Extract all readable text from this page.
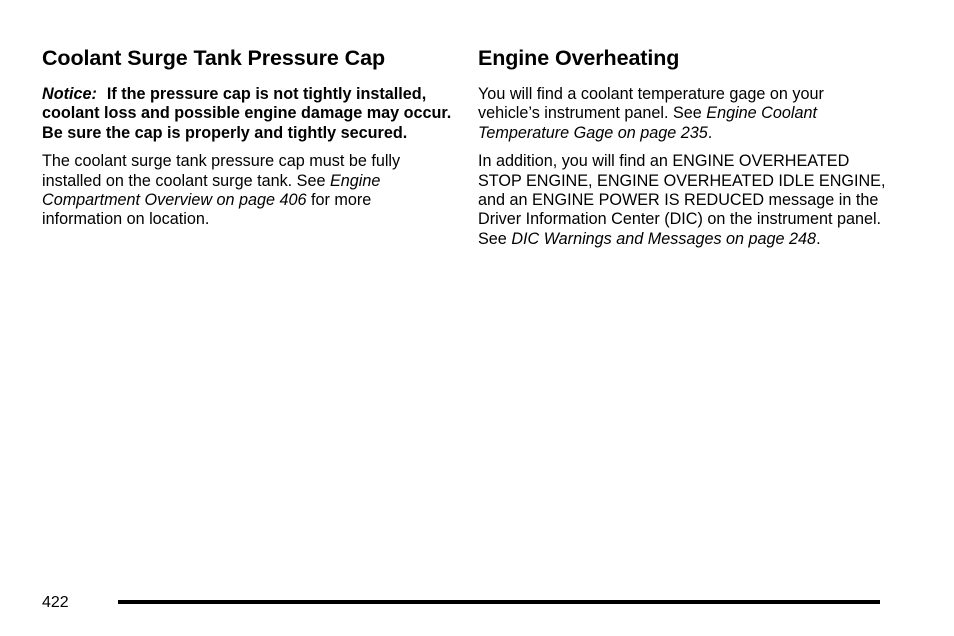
Coolant Surge Tank Pressure Cap

Notice: If the pressure cap is not tightly installed, coolant loss and possible engine damage may occur. Be sure the cap is properly and tightly secured.

The coolant surge tank pressure cap must be fully installed on the coolant surge tank. See Engine Compartment Overview on page 406 for more information on location.

Engine Overheating

You will find a coolant temperature gage on your vehicle’s instrument panel. See Engine Coolant Temperature Gage on page 235.

In addition, you will find an ENGINE OVERHEATED STOP ENGINE, ENGINE OVERHEATED IDLE ENGINE, and an ENGINE POWER IS REDUCED message in the Driver Information Center (DIC) on the instrument panel. See DIC Warnings and Messages on page 248.

422
